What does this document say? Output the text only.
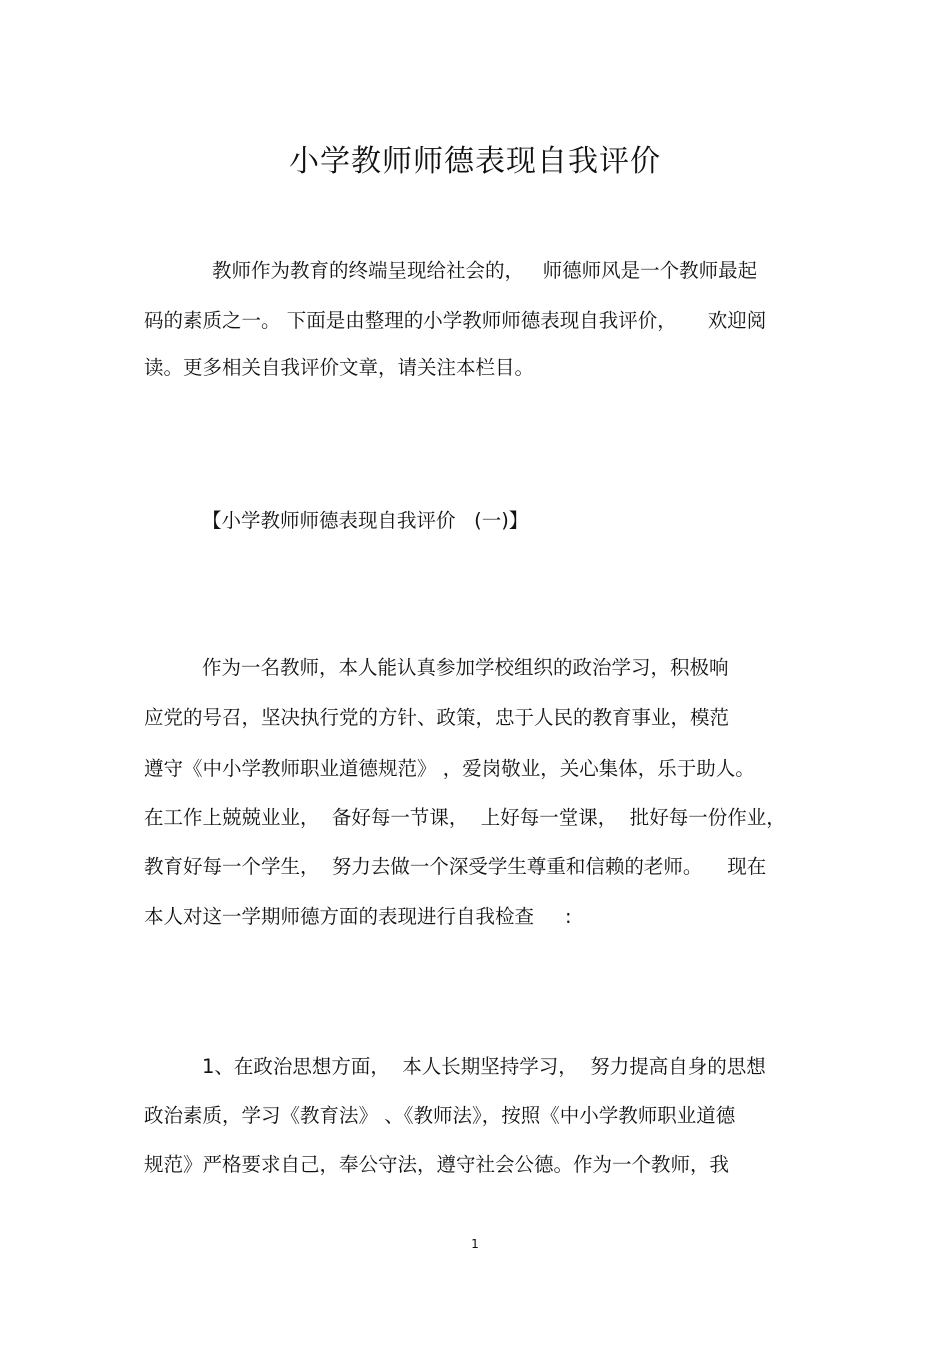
小学教师师德表现自我评价
教师作为教育的终端呈现给社会的，   师德师风是一个教师最起
码的素质之一。 下面是由整理的小学教师师德表现自我评价，     欢迎阅
读。更多相关自我评价文章，请关注本栏目。
【小学教师师德表现自我评价   (一)】
作为一名教师，本人能认真参加学校组织的政治学习，积极响
应党的号召，坚决执行党的方针、政策，忠于人民的教育事业，模范
遵守《中小学教师职业道德规范》 ，爱岗敬业，关心集体，乐于助人。
在工作上兢兢业业，  备好每一节课，  上好每一堂课，  批好每一份作业，
教育好每一个学生，  努力去做一个深受学生尊重和信赖的老师。    现在
本人对这一学期师德方面的表现进行自我检查     :
1、在政治思想方面，  本人长期坚持学习，  努力提高自身的思想
政治素质，学习《教育法》 、《教师法》，按照《中小学教师职业道德
规范》严格要求自己，奉公守法，遵守社会公德。作为一个教师，我
1
